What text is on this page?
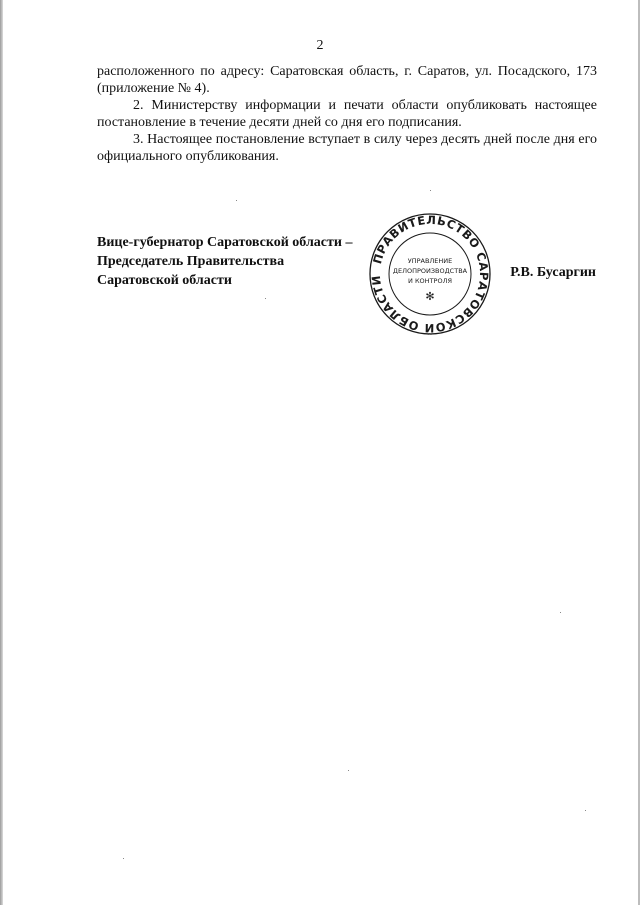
2

расположенного по адресу: Саратовская область, г. Саратов, ул. Посадского, 173 (приложение № 4).

2. Министерству информации и печати области опубликовать настоящее постановление в течение десяти дней со дня его подписания.

3. Настоящее постановление вступает в силу через десять дней после дня его официального опубликования.

Вице-губернатор Саратовской области –
Председатель Правительства
Саратовской области
ПРАВИТЕЛЬСТВО САРАТОВСКОЙ ОБЛАСТИ
УПРАВЛЕНИЕ
ДЕЛОПРОИЗВОДСТВА
И КОНТРОЛЯ
✻
Р.В. Бусаргин
